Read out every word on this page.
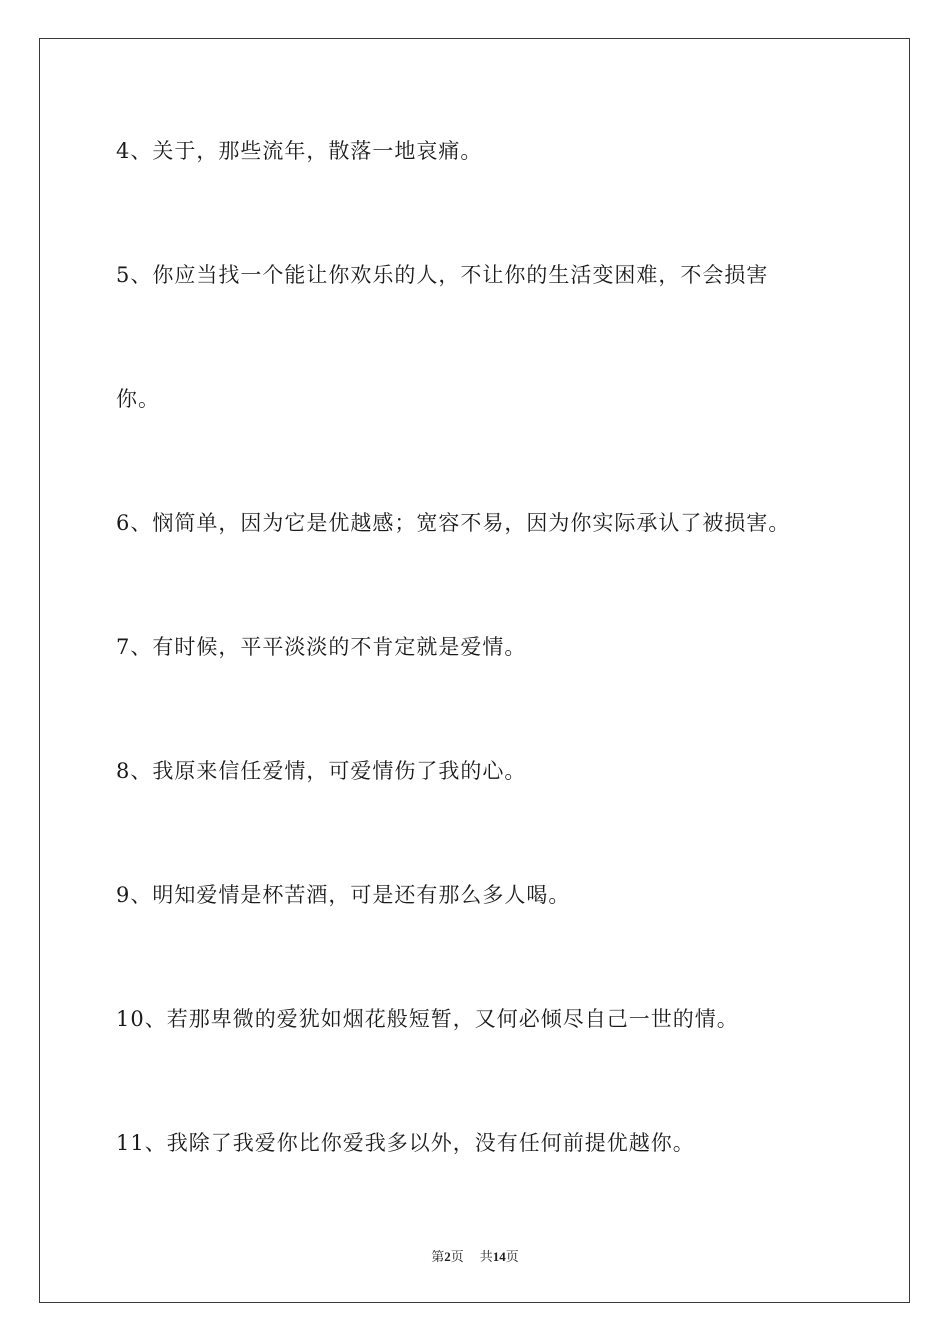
4、关于，那些流年，散落一地哀痛。
5、你应当找一个能让你欢乐的人，不让你的生活变困难，不会损害
你。
6、悯简单，因为它是优越感；宽容不易，因为你实际承认了被损害。
7、有时候，平平淡淡的不肯定就是爱情。
8、我原来信任爱情，可爱情伤了我的心。
9、明知爱情是杯苦酒，可是还有那么多人喝。
10、若那卑微的爱犹如烟花般短暂，又何必倾尽自己一世的情。
11、我除了我爱你比你爱我多以外，没有任何前提优越你。
第2页 共14页
